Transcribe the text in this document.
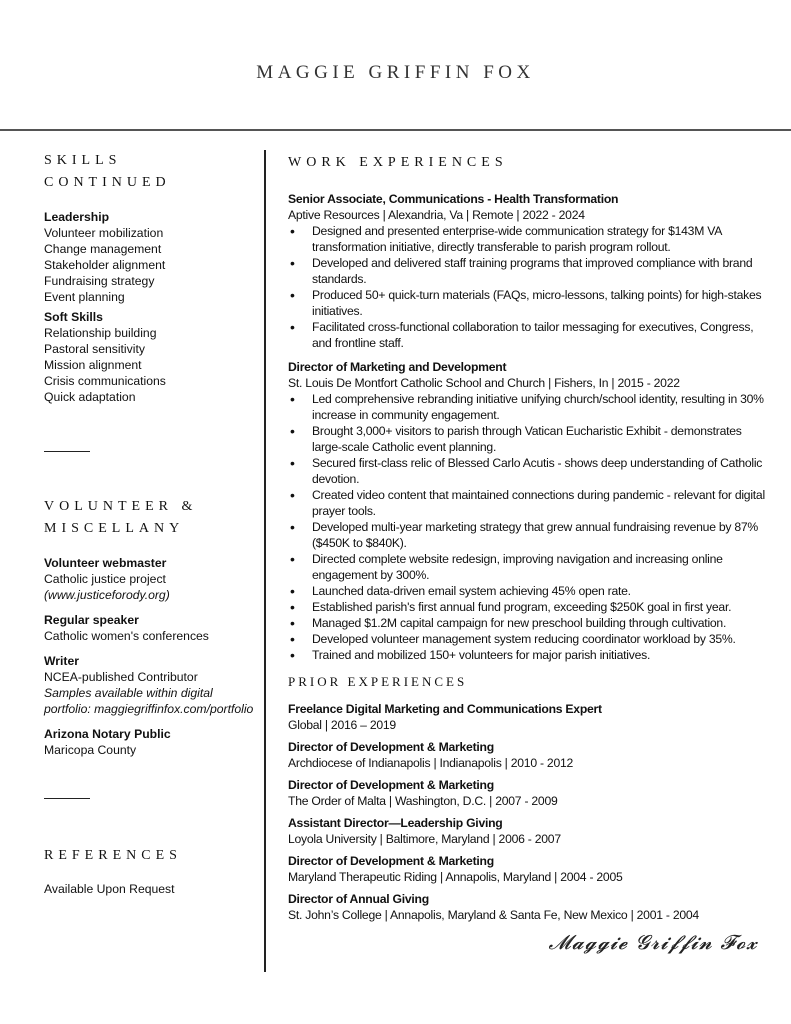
MAGGIE GRIFFIN FOX
SKILLS
CONTINUED
Leadership
Volunteer mobilization
Change management
Stakeholder alignment
Fundraising strategy
Event planning
Soft Skills
Relationship building
Pastoral sensitivity
Mission alignment
Crisis communications
Quick adaptation
VOLUNTEER &
MISCELLANY
Volunteer webmaster
Catholic justice project
(www.justiceforody.org)
Regular speaker
Catholic women's conferences
Writer
NCEA-published Contributor
Samples available within digital
portfolio: maggiegriffinfox.com/portfolio
Arizona Notary Public
Maricopa County
REFERENCES
Available Upon Request
WORK EXPERIENCES
Senior Associate, Communications - Health Transformation
Aptive Resources | Alexandria, Va | Remote | 2022 - 2024
• Designed and presented enterprise-wide communication strategy for $143M VA transformation initiative, directly transferable to parish program rollout.
• Developed and delivered staff training programs that improved compliance with brand standards.
• Produced 50+ quick-turn materials (FAQs, micro-lessons, talking points) for high-stakes initiatives.
• Facilitated cross-functional collaboration to tailor messaging for executives, Congress, and frontline staff.
Director of Marketing and Development
St. Louis De Montfort Catholic School and Church | Fishers, In | 2015 - 2022
• Led comprehensive rebranding initiative unifying church/school identity, resulting in 30% increase in community engagement.
• Brought 3,000+ visitors to parish through Vatican Eucharistic Exhibit - demonstrates large-scale Catholic event planning.
• Secured first-class relic of Blessed Carlo Acutis - shows deep understanding of Catholic devotion.
• Created video content that maintained connections during pandemic - relevant for digital prayer tools.
• Developed multi-year marketing strategy that grew annual fundraising revenue by 87% ($450K to $840K).
• Directed complete website redesign, improving navigation and increasing online engagement by 300%.
• Launched data-driven email system achieving 45% open rate.
• Established parish's first annual fund program, exceeding $250K goal in first year.
• Managed $1.2M capital campaign for new preschool building through cultivation.
• Developed volunteer management system reducing coordinator workload by 35%.
• Trained and mobilized 150+ volunteers for major parish initiatives.
PRIOR EXPERIENCES
Freelance Digital Marketing and Communications Expert
Global | 2016 – 2019
Director of Development & Marketing
Archdiocese of Indianapolis | Indianapolis | 2010 - 2012
Director of Development & Marketing
The Order of Malta | Washington, D.C. | 2007 - 2009
Assistant Director—Leadership Giving
Loyola University | Baltimore, Maryland | 2006 - 2007
Director of Development & Marketing
Maryland Therapeutic Riding | Annapolis, Maryland | 2004 - 2005
Director of Annual Giving
St. John’s College | Annapolis, Maryland & Santa Fe, New Mexico | 2001 - 2004
𝓜𝓪𝓰𝓰𝓲𝓮 𝓖𝓻𝓲𝓯𝓯𝓲𝓷 𝓕𝓸𝔁
